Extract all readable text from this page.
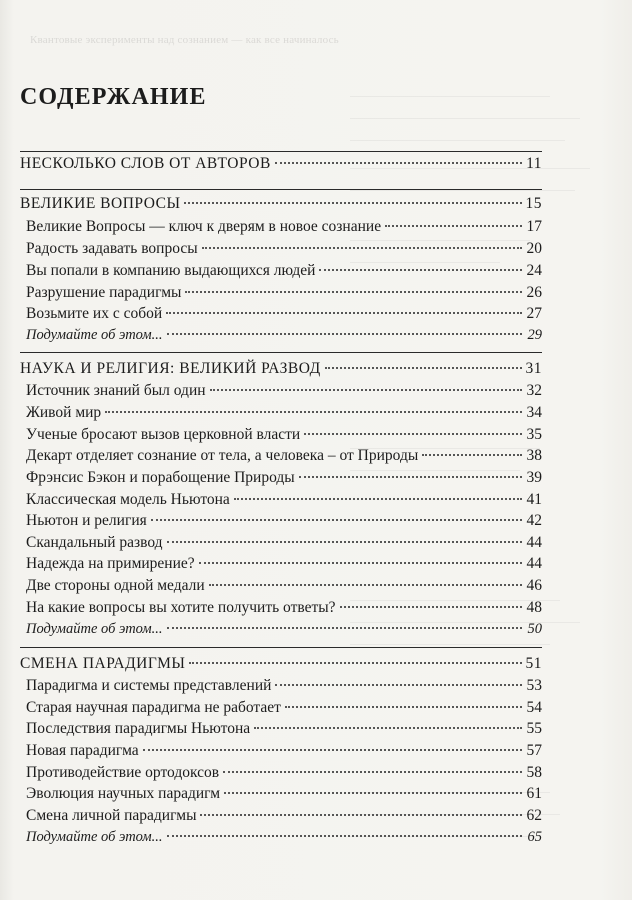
Квантовые эксперименты над сознанием — как все начиналось
СОДЕРЖАНИЕ
НЕСКОЛЬКО СЛОВ ОТ АВТОРОВ	11
ВЕЛИКИЕ ВОПРОСЫ	15
Великие Вопросы — ключ к дверям в новое сознание	17
Радость задавать вопросы	20
Вы попали в компанию выдающихся людей	24
Разрушение парадигмы	26
Возьмите их с собой	27
Подумайте об этом...	29
НАУКА И РЕЛИГИЯ: ВЕЛИКИЙ РАЗВОД	31
Источник знаний был один	32
Живой мир	34
Ученые бросают вызов церковной власти	35
Декарт отделяет сознание от тела, а человека – от Природы	38
Фрэнсис Бэкон и порабощение Природы	39
Классическая модель Ньютона	41
Ньютон и религия	42
Скандальный развод	44
Надежда на примирение?	44
Две стороны одной медали	46
На какие вопросы вы хотите получить ответы?	48
Подумайте об этом...	50
СМЕНА ПАРАДИГМЫ	51
Парадигма и системы представлений	53
Старая научная парадигма не работает	54
Последствия парадигмы Ньютона	55
Новая парадигма	57
Противодействие ортодоксов	58
Эволюция научных парадигм	61
Смена личной парадигмы	62
Подумайте об этом...	65
